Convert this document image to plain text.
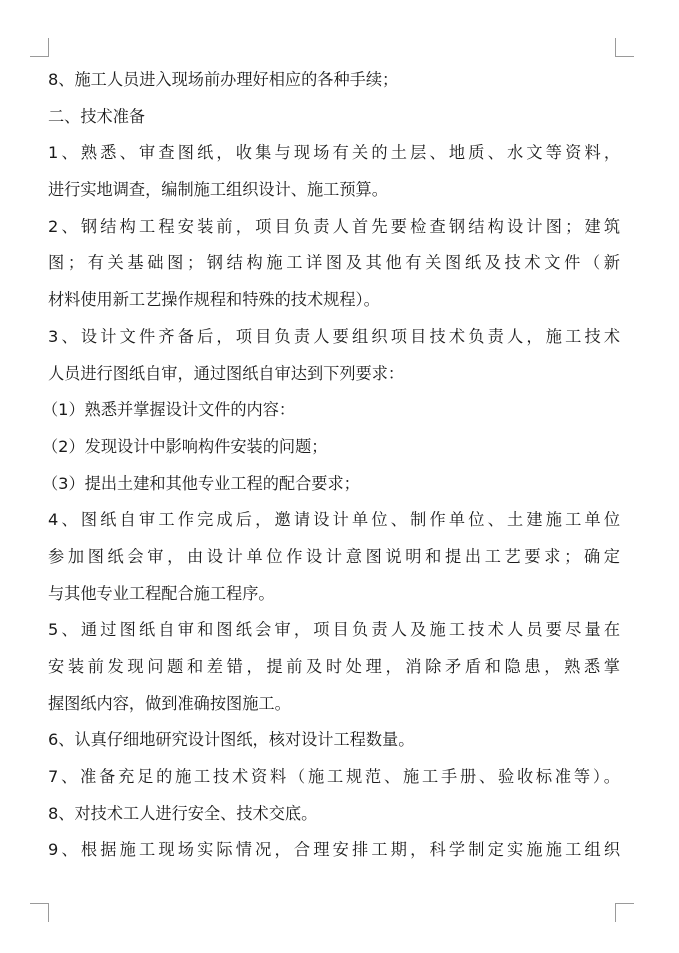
8、施工人员进入现场前办理好相应的各种手续；
二、技术准备
1、熟悉、审查图纸，收集与现场有关的土层、地质、水文等资料，
进行实地调查，编制施工组织设计、施工预算。
2、钢结构工程安装前，项目负责人首先要检查钢结构设计图；建筑
图；有关基础图；钢结构施工详图及其他有关图纸及技术文件（新
材料使用新工艺操作规程和特殊的技术规程）。
3、设计文件齐备后，项目负责人要组织项目技术负责人，施工技术
人员进行图纸自审，通过图纸自审达到下列要求：
（1）熟悉并掌握设计文件的内容：
（2）发现设计中影响构件安装的问题；
（3）提出土建和其他专业工程的配合要求；
4、图纸自审工作完成后，邀请设计单位、制作单位、土建施工单位
参加图纸会审，由设计单位作设计意图说明和提出工艺要求；确定
与其他专业工程配合施工程序。
5、通过图纸自审和图纸会审，项目负责人及施工技术人员要尽量在
安装前发现问题和差错，提前及时处理，消除矛盾和隐患，熟悉掌
握图纸内容，做到准确按图施工。
6、认真仔细地研究设计图纸，核对设计工程数量。
7、准备充足的施工技术资料（施工规范、施工手册、验收标准等）。
8、对技术工人进行安全、技术交底。
9、根据施工现场实际情况，合理安排工期，科学制定实施施工组织
